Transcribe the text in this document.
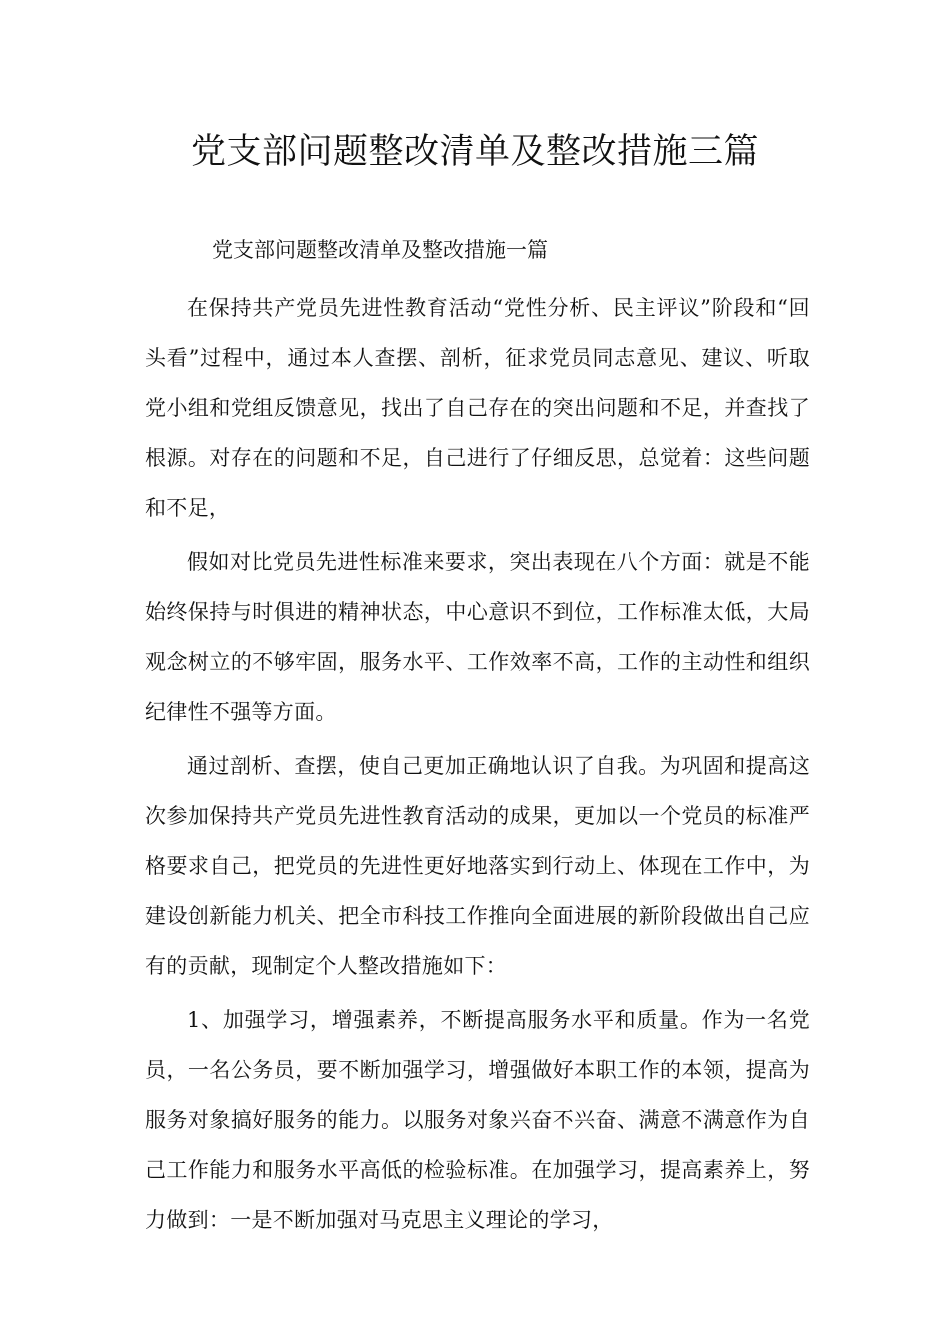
党支部问题整改清单及整改措施三篇

党支部问题整改清单及整改措施一篇

在保持共产党员先进性教育活动“党性分析、民主评议”阶段和“回头看”过程中，通过本人查摆、剖析，征求党员同志意见、建议、听取党小组和党组反馈意见，找出了自己存在的突出问题和不足，并查找了根源。对存在的问题和不足，自己进行了仔细反思，总觉着：这些问题和不足，

假如对比党员先进性标准来要求，突出表现在八个方面：就是不能始终保持与时俱进的精神状态，中心意识不到位，工作标准太低，大局观念树立的不够牢固，服务水平、工作效率不高，工作的主动性和组织纪律性不强等方面。

通过剖析、查摆，使自己更加正确地认识了自我。为巩固和提高这次参加保持共产党员先进性教育活动的成果，更加以一个党员的标准严格要求自己，把党员的先进性更好地落实到行动上、体现在工作中，为建设创新能力机关、把全市科技工作推向全面进展的新阶段做出自己应有的贡献，现制定个人整改措施如下：

1、加强学习，增强素养，不断提高服务水平和质量。作为一名党员，一名公务员，要不断加强学习，增强做好本职工作的本领，提高为服务对象搞好服务的能力。以服务对象兴奋不兴奋、满意不满意作为自己工作能力和服务水平高低的检验标准。在加强学习，提高素养上，努力做到：一是不断加强对马克思主义理论的学习，
